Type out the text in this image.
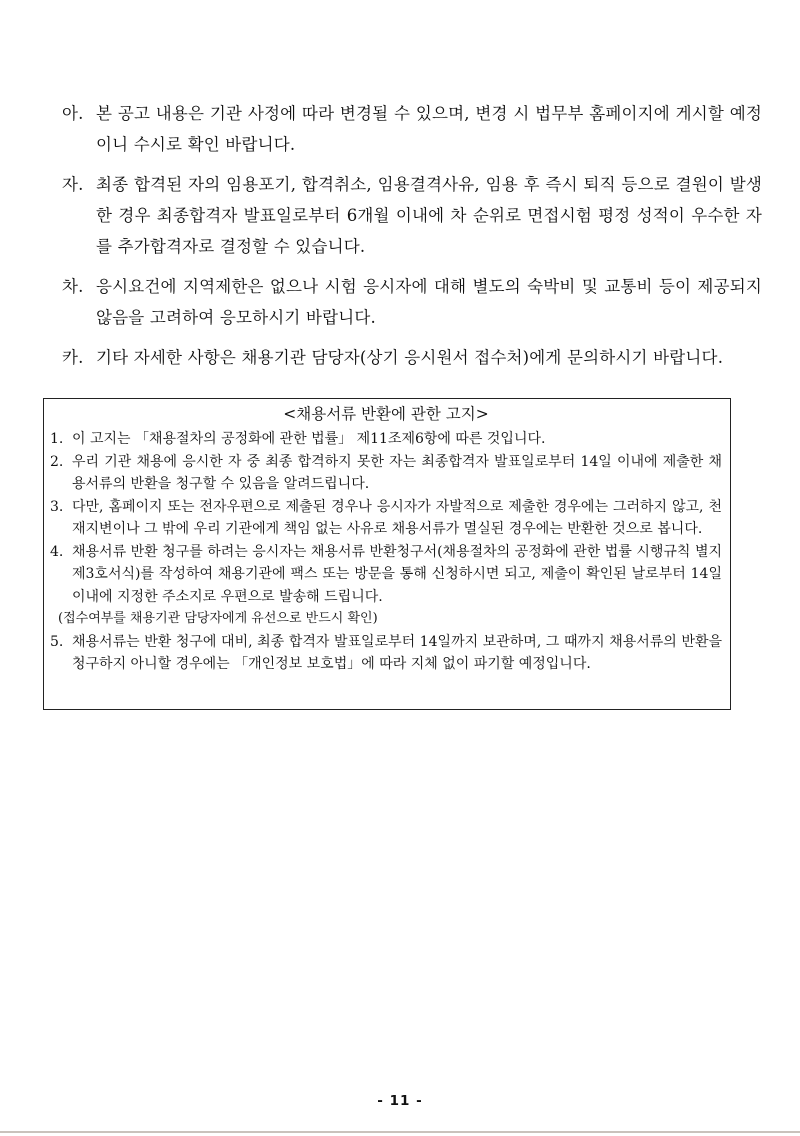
아. 본 공고 내용은 기관 사정에 따라 변경될 수 있으며, 변경 시 법무부 홈페이지에 게시할 예정이니 수시로 확인 바랍니다.
자. 최종 합격된 자의 임용포기, 합격취소, 임용결격사유, 임용 후 즉시 퇴직 등으로 결원이 발생한 경우 최종합격자 발표일로부터 6개월 이내에 차 순위로 면접시험 평정 성적이 우수한 자를 추가합격자로 결정할 수 있습니다.
차. 응시요건에 지역제한은 없으나 시험 응시자에 대해 별도의 숙박비 및 교통비 등이 제공되지 않음을 고려하여 응모하시기 바랍니다.
카. 기타 자세한 사항은 채용기관 담당자(상기 응시원서 접수처)에게 문의하시기 바랍니다.
<채용서류 반환에 관한 고지>
1. 이 고지는 「채용절차의 공정화에 관한 법률」 제11조제6항에 따른 것입니다.
2. 우리 기관 채용에 응시한 자 중 최종 합격하지 못한 자는 최종합격자 발표일로부터 14일 이내에 제출한 채용서류의 반환을 청구할 수 있음을 알려드립니다.
3. 다만, 홈페이지 또는 전자우편으로 제출된 경우나 응시자가 자발적으로 제출한 경우에는 그러하지 않고, 천재지변이나 그 밖에 우리 기관에게 책임 없는 사유로 채용서류가 멸실된 경우에는 반환한 것으로 봅니다.
4. 채용서류 반환 청구를 하려는 응시자는 채용서류 반환청구서(채용절차의 공정화에 관한 법률 시행규칙 별지 제3호서식)를 작성하여 채용기관에 팩스 또는 방문을 통해 신청하시면 되고, 제출이 확인된 날로부터 14일 이내에 지정한 주소지로 우편으로 발송해 드립니다.
(접수여부를 채용기관 담당자에게 유선으로 반드시 확인)
5. 채용서류는 반환 청구에 대비, 최종 합격자 발표일로부터 14일까지 보관하며, 그 때까지 채용서류의 반환을 청구하지 아니할 경우에는 「개인정보 보호법」에 따라 지체 없이 파기할 예정입니다.
- 11 -
